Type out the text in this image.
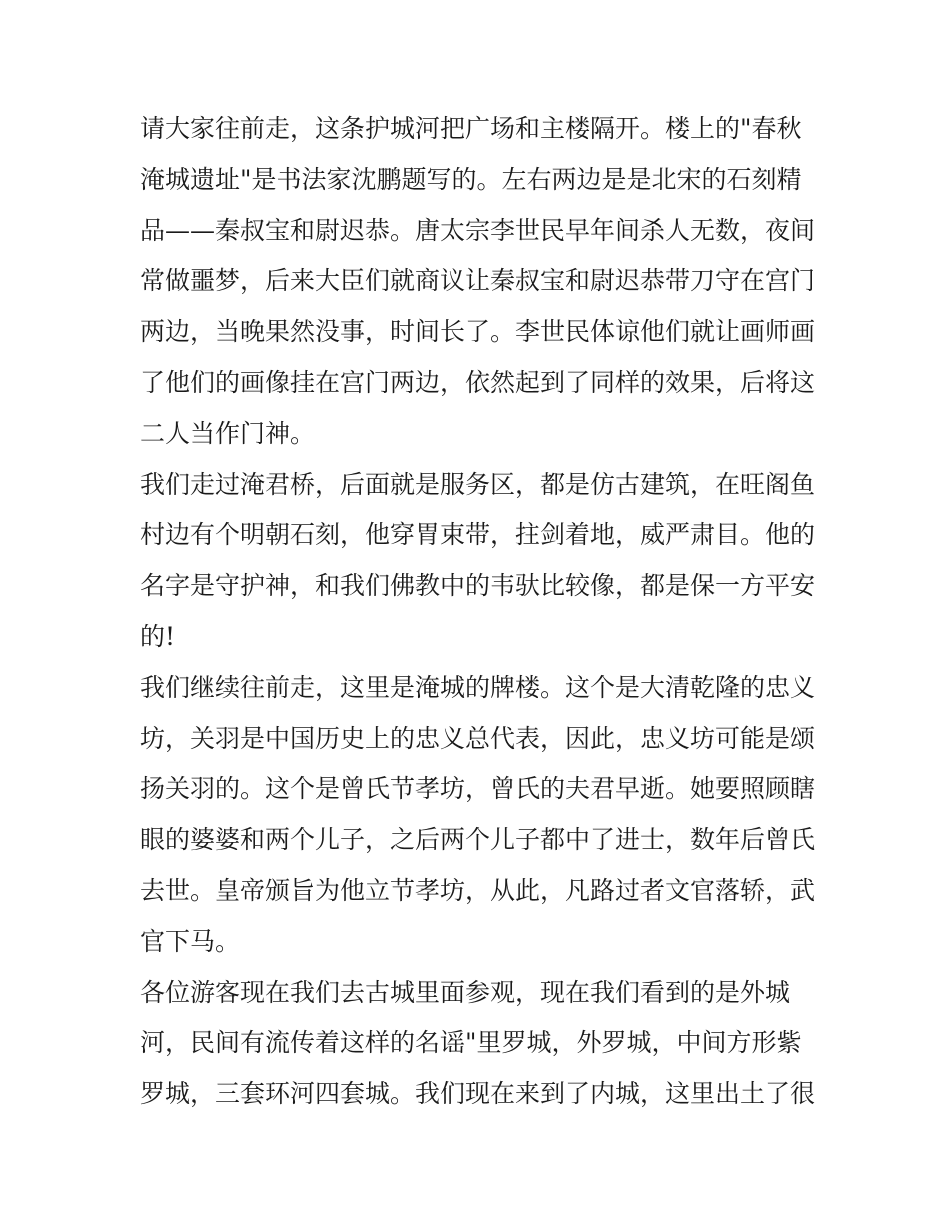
请大家往前走，这条护城河把广场和主楼隔开。楼上的"春秋
淹城遗址"是书法家沈鹏题写的。左右两边是是北宋的石刻精
品——秦叔宝和尉迟恭。唐太宗李世民早年间杀人无数，夜间
常做噩梦，后来大臣们就商议让秦叔宝和尉迟恭带刀守在宫门
两边，当晚果然没事，时间长了。李世民体谅他们就让画师画
了他们的画像挂在宫门两边，依然起到了同样的效果，后将这
二人当作门神。
我们走过淹君桥，后面就是服务区，都是仿古建筑，在旺阁鱼
村边有个明朝石刻，他穿胃束带，拄剑着地，威严肃目。他的
名字是守护神，和我们佛教中的韦驮比较像，都是保一方平安
的!
我们继续往前走，这里是淹城的牌楼。这个是大清乾隆的忠义
坊，关羽是中国历史上的忠义总代表，因此，忠义坊可能是颂
扬关羽的。这个是曾氏节孝坊，曾氏的夫君早逝。她要照顾瞎
眼的婆婆和两个儿子，之后两个儿子都中了进士，数年后曾氏
去世。皇帝颁旨为他立节孝坊，从此，凡路过者文官落轿，武
官下马。
各位游客现在我们去古城里面参观，现在我们看到的是外城
河，民间有流传着这样的名谣"里罗城，外罗城，中间方形紫
罗城，三套环河四套城。我们现在来到了内城，这里出土了很
